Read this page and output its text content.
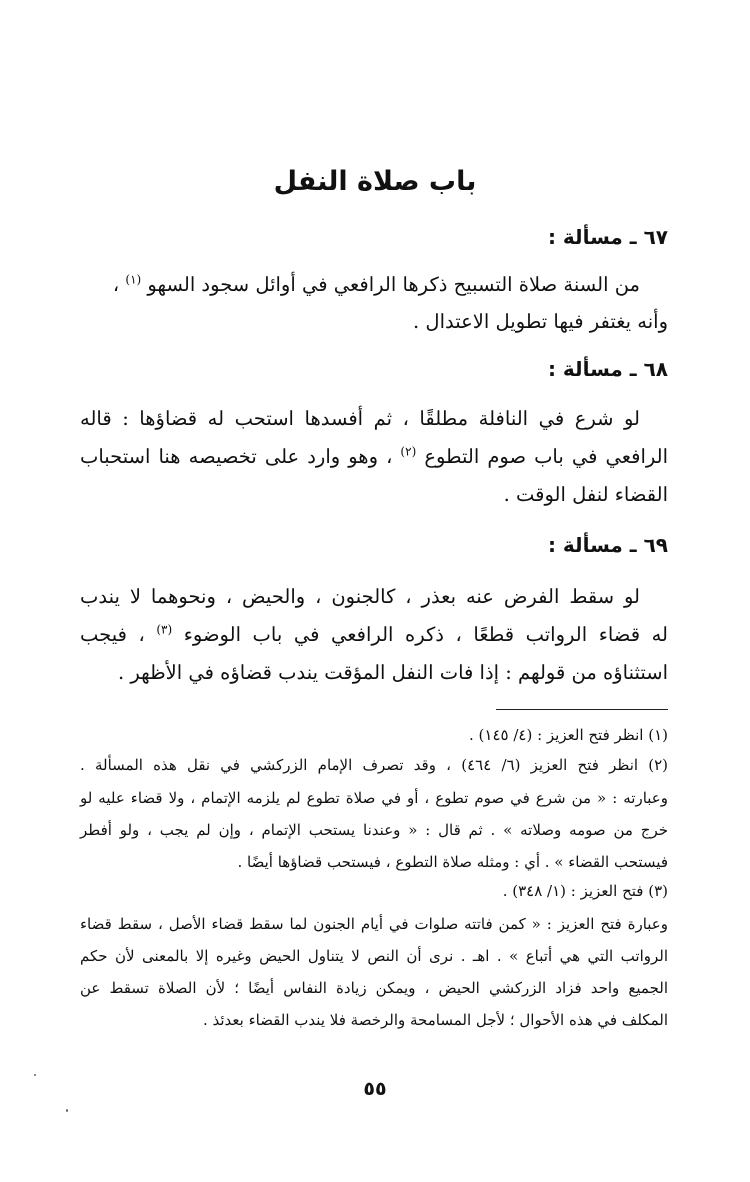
باب صلاة النفل
٦٧ ـ مسألة :
من السنة صلاة التسبيح ذكرها الرافعي في أوائل سجود السهو $^{(١)}$ ،
وأنه يغتفر فيها تطويل الاعتدال .
٦٨ ـ مسألة :
لو شرع في النافلة مطلقًا ، ثم أفسدها استحب له قضاؤها : قاله
الرافعي في باب صوم التطوع $^{(٢)}$ ، وهو وارد على تخصيصه هنا استحباب
القضاء لنفل الوقت .
٦٩ ـ مسألة :
لو سقط الفرض عنه بعذر ، كالجنون ، والحيض ، ونحوهما لا يندب
له قضاء الرواتب قطعًا ، ذكره الرافعي في باب الوضوء $^{(٣)}$ ، فيجب
استثناؤه من قولهم : إذا فات النفل المؤقت يندب قضاؤه في الأظهر .
(١) انظر فتح العزيز : (٤/ ١٤٥) .
(٢) انظر فتح العزيز (٦/ ٤٦٤) ، وقد تصرف الإمام الزركشي في نقل هذه المسألة .
وعبارته : « من شرع في صوم تطوع ، أو في صلاة تطوع لم يلزمه الإتمام ، ولا قضاء عليه لو
خرج من صومه وصلاته » . ثم قال : « وعندنا يستحب الإتمام ، وإن لم يجب ، ولو أفطر
فيستحب القضاء » . أي : ومثله صلاة التطوع ، فيستحب قضاؤها أيضًا .
(٣) فتح العزيز : (١/ ٣٤٨) .
وعبارة فتح العزيز : « كمن فاتته صلوات في أيام الجنون لما سقط قضاء الأصل ، سقط قضاء
الرواتب التي هي أتباع » . اهـ . نرى أن النص لا يتناول الحيض وغيره إلا بالمعنى لأن حكم
الجميع واحد فزاد الزركشي الحيض ، ويمكن زيادة النفاس أيضًا ؛ لأن الصلاة تسقط عن
المكلف في هذه الأحوال ؛ لأجل المسامحة والرخصة فلا يندب القضاء بعدئذ .
٥٥
